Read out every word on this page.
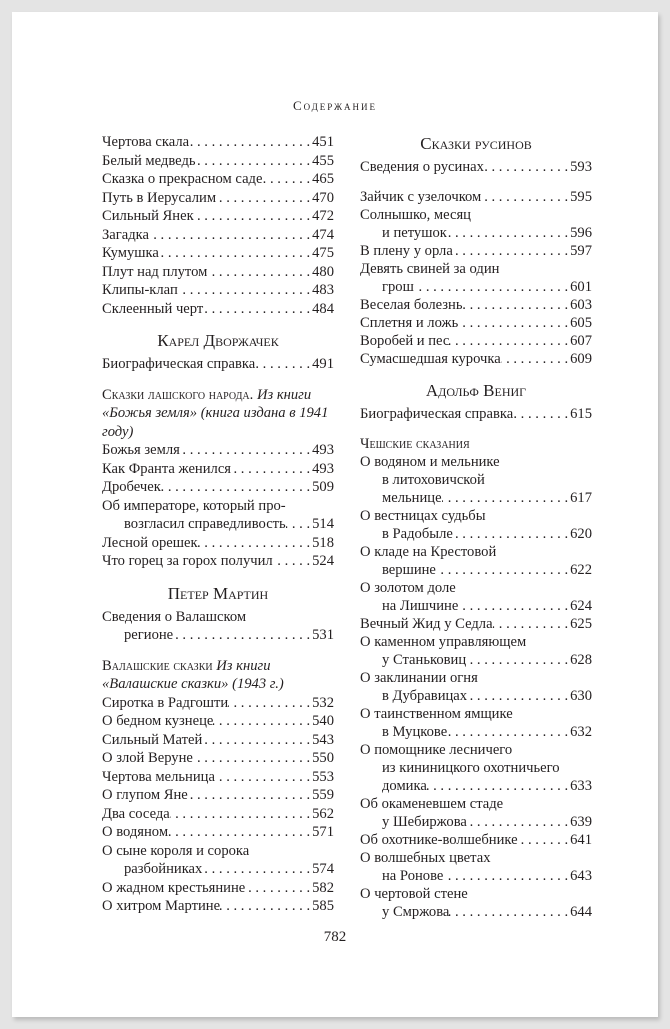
Содержание
Чертова скала . . .	451
Белый медведь . . .	455
Сказка о прекрасном саде . . .	465
Путь в Иерусалим . . .	470
Сильный Янек . . .	472
Загадка . . .	474
Кумушка . . .	475
Плут над плутом . . .	480
Клипы-клап . . .	483
Склеенный черт . . .	484
Карел Дворжачек
Биографическая справка . . .	491
Сказки лашского народа. Из книги «Божья земля» (книга издана в 1941 году)
Божья земля . . .	493
Как Франта женился . . .	493
Дробечек . . .	509
Об императоре, который про-
возгласил справедливость . . . 514
Лесной орешек . . .	518
Что горец за горох получил . . .	524
Петер Мартин
Сведения о Валашском
регионе . . .	531
Валашские сказки Из книги «Валашские сказки» (1943 г.)
Сиротка в Радгошти . . .	532
О бедном кузнеце . . .	540
Сильный Матей . . .	543
О злой Веруне . . .	550
Чертова мельница . . .	553
О глупом Яне . . .	559
Два соседа . . .	562
О водяном . . .	571
О сыне короля и сорока
разбойниках . . .	574
О жадном крестьянине . . .	582
О хитром Мартине . . .	585
Сказки русинов
Сведения о русинах . . .	593
Зайчик с узелочком . . .	595
Солнышко, месяц
и петушок . . .	596
В плену у орла . . .	597
Девять свиней за один
грош . . .	601
Веселая болезнь . . .	603
Сплетня и ложь . . .	605
Воробей и пес . . .	607
Сумасшедшая курочка . . .	609
Адольф Вениг
Биографическая справка . . .	615
Чешские сказания
О водяном и мельнике
в литоховичской
мельнице . . .	617
О вестницах судьбы
в Радобыле . . .	620
О кладе на Крестовой
вершине . . .	622
О золотом доле
на Лишчине . . .	624
Вечный Жид у Седла . . .	625
О каменном управляющем
у Станьковиц . . .	628
О заклинании огня
в Дубравицах . . .	630
О таинственном ямщике
в Муцкове . . .	632
О помощнике лесничего
из кининицкого охотничьего
домика . . .	633
Об окаменевшем стаде
у Шебиржова . . .	639
Об охотнике-волшебнике . . .	641
О волшебных цветах
на Ронове . . .	643
О чертовой стене
у Смржова . . .	644
782
